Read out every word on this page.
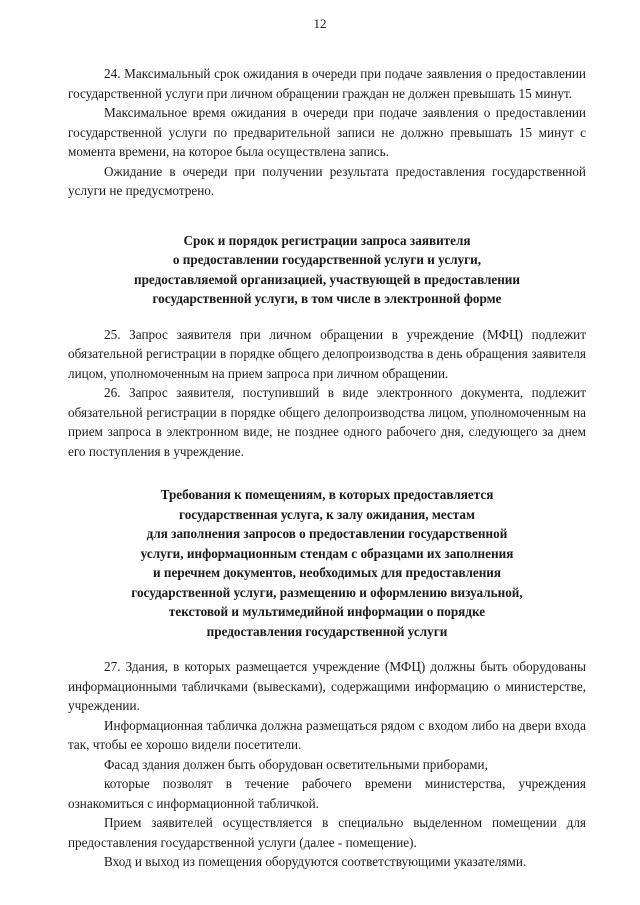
12

24. Максимальный срок ожидания в очереди при подаче заявления о предоставлении государственной услуги при личном обращении граждан не должен превышать 15 минут.

Максимальное время ожидания в очереди при подаче заявления о предоставлении государственной услуги по предварительной записи не должно превышать 15 минут с момента времени, на которое была осуществлена запись.

Ожидание в очереди при получении результата предоставления государственной услуги не предусмотрено.

Срок и порядок регистрации запроса заявителя
о предоставлении государственной услуги и услуги,
предоставляемой организацией, участвующей в предоставлении
государственной услуги, в том числе в электронной форме

25. Запрос заявителя при личном обращении в учреждение (МФЦ) подлежит обязательной регистрации в порядке общего делопроизводства в день обращения заявителя лицом, уполномоченным на прием запроса при личном обращении.

26. Запрос заявителя, поступивший в виде электронного документа, подлежит обязательной регистрации в порядке общего делопроизводства лицом, уполномоченным на прием запроса в электронном виде, не позднее одного рабочего дня, следующего за днем его поступления в учреждение.

Требования к помещениям, в которых предоставляется
государственная услуга, к залу ожидания, местам
для заполнения запросов о предоставлении государственной
услуги, информационным стендам с образцами их заполнения
и перечнем документов, необходимых для предоставления
государственной услуги, размещению и оформлению визуальной,
текстовой и мультимедийной информации о порядке
предоставления государственной услуги

27. Здания, в которых размещается учреждение (МФЦ) должны быть оборудованы информационными табличками (вывесками), содержащими информацию о министерстве, учреждении.

Информационная табличка должна размещаться рядом с входом либо на двери входа так, чтобы ее хорошо видели посетители.

Фасад здания должен быть оборудован осветительными приборами,

которые позволят в течение рабочего времени министерства, учреждения ознакомиться с информационной табличкой.

Прием заявителей осуществляется в специально выделенном помещении для предоставления государственной услуги (далее - помещение).

Вход и выход из помещения оборудуются соответствующими указателями.
